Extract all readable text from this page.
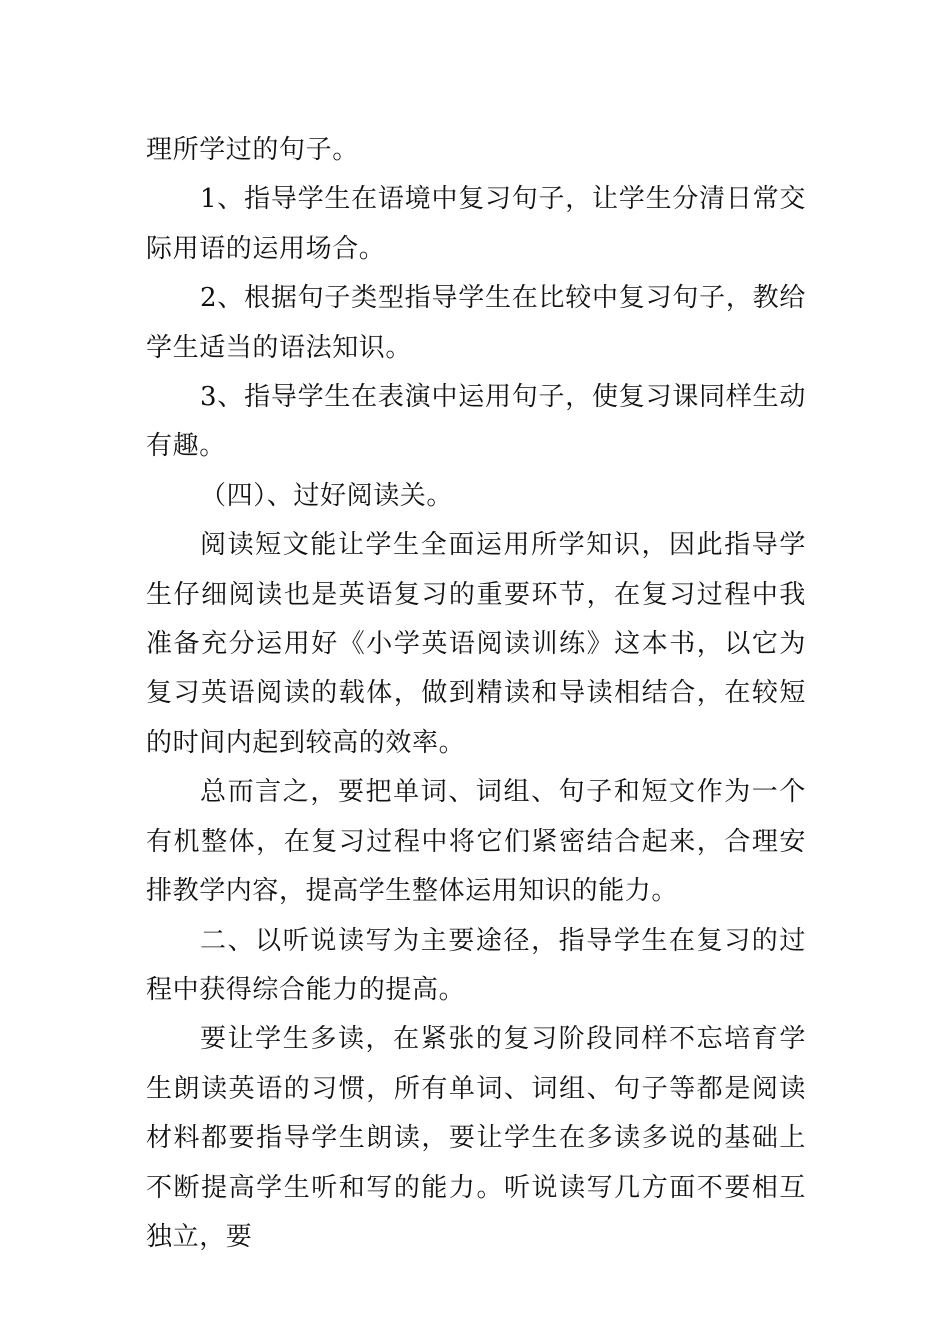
理所学过的句子。

1、指导学生在语境中复习句子，让学生分清日常交际用语的运用场合。

2、根据句子类型指导学生在比较中复习句子，教给学生适当的语法知识。

3、指导学生在表演中运用句子，使复习课同样生动有趣。

（四）、过好阅读关。

阅读短文能让学生全面运用所学知识，因此指导学生仔细阅读也是英语复习的重要环节，在复习过程中我准备充分运用好《小学英语阅读训练》这本书，以它为复习英语阅读的载体，做到精读和导读相结合，在较短的时间内起到较高的效率。

总而言之，要把单词、词组、句子和短文作为一个有机整体，在复习过程中将它们紧密结合起来，合理安排教学内容，提高学生整体运用知识的能力。

二、以听说读写为主要途径，指导学生在复习的过程中获得综合能力的提高。

要让学生多读，在紧张的复习阶段同样不忘培育学生朗读英语的习惯，所有单词、词组、句子等都是阅读材料都要指导学生朗读，要让学生在多读多说的基础上不断提高学生听和写的能力。听说读写几方面不要相互独立，要
